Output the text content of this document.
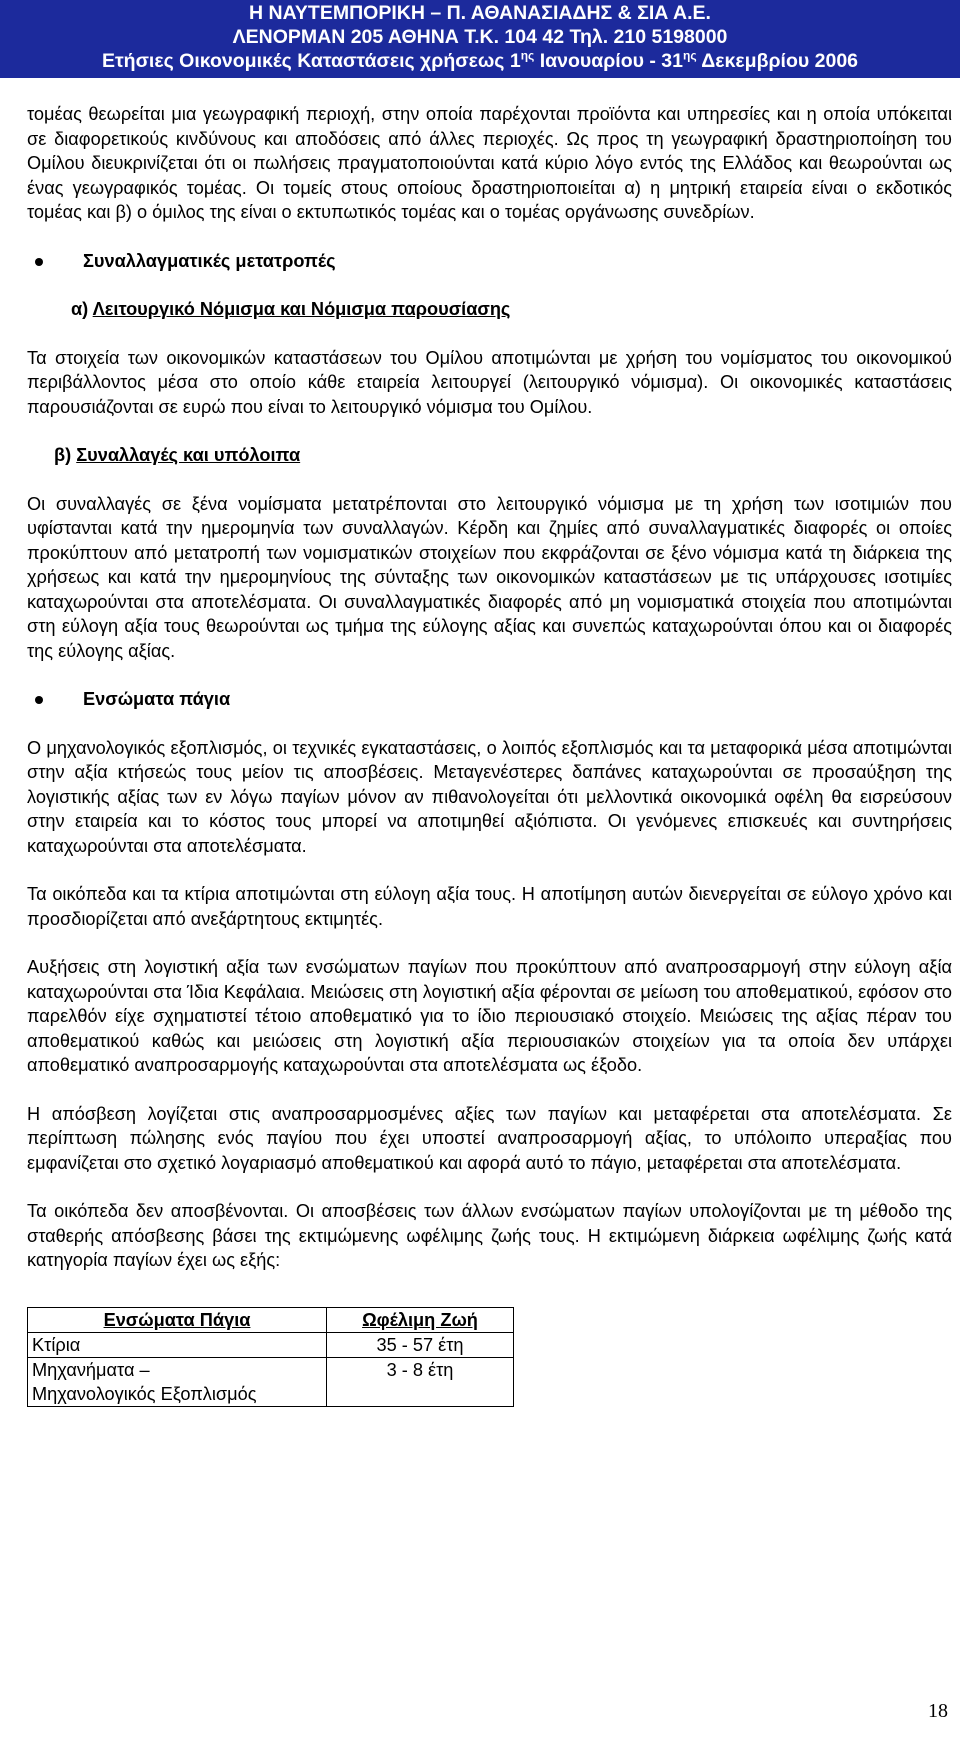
Η ΝΑΥΤΕΜΠΟΡΙΚΗ – Π. ΑΘΑΝΑΣΙΑΔΗΣ & ΣΙΑ Α.Ε.
ΛΕΝΟΡΜΑΝ 205 ΑΘΗΝΑ Τ.Κ. 104 42 Τηλ. 210 5198000
Ετήσιες Οικονομικές Καταστάσεις χρήσεως $1^{\eta\varsigma}$ Ιανουαρίου - $31^{\eta\varsigma}$ Δεκεμβρίου 2006

τομέας θεωρείται μια γεωγραφική περιοχή, στην οποία παρέχονται προϊόντα και υπηρεσίες και η οποία υπόκειται σε διαφορετικούς κινδύνους και αποδόσεις από άλλες περιοχές. Ως προς τη γεωγραφική δραστηριοποίηση του Ομίλου διευκρινίζεται ότι οι πωλήσεις πραγματοποιούνται κατά κύριο λόγο εντός της Ελλάδος και θεωρούνται ως ένας γεωγραφικός τομέας. Οι τομείς στους οποίους δραστηριοποιείται α) η μητρική εταιρεία είναι ο εκδοτικός τομέας και β) ο όμιλος της είναι ο εκτυπωτικός τομέας και ο τομέας οργάνωσης συνεδρίων.

Συναλλαγματικές μετατροπές
α) Λειτουργικό Νόμισμα και Νόμισμα παρουσίασης

Τα στοιχεία των οικονομικών καταστάσεων του Ομίλου αποτιμώνται με χρήση του νομίσματος του οικονομικού περιβάλλοντος μέσα στο οποίο κάθε εταιρεία λειτουργεί (λειτουργικό νόμισμα). Οι οικονομικές καταστάσεις παρουσιάζονται σε ευρώ που είναι το λειτουργικό νόμισμα του Ομίλου.

β) Συναλλαγές και υπόλοιπα

Οι συναλλαγές σε ξένα νομίσματα μετατρέπονται στο λειτουργικό νόμισμα με τη χρήση των ισοτιμιών που υφίστανται κατά την ημερομηνία των συναλλαγών. Κέρδη και ζημίες από συναλλαγματικές διαφορές οι οποίες προκύπτουν από μετατροπή των νομισματικών στοιχείων που εκφράζονται σε ξένο νόμισμα κατά τη διάρκεια της χρήσεως και κατά την ημερομηνίους της σύνταξης των οικονομικών καταστάσεων με τις υπάρχουσες ισοτιμίες καταχωρούνται στα αποτελέσματα. Οι συναλλαγματικές διαφορές από μη νομισματικά στοιχεία που αποτιμώνται στη εύλογη αξία τους θεωρούνται ως τμήμα της εύλογης αξίας και συνεπώς καταχωρούνται όπου και οι διαφορές της εύλογης αξίας.

Ενσώματα πάγια

Ο μηχανολογικός εξοπλισμός, οι τεχνικές εγκαταστάσεις, ο λοιπός εξοπλισμός και τα μεταφορικά μέσα αποτιμώνται στην αξία κτήσεώς τους μείον τις αποσβέσεις. Μεταγενέστερες δαπάνες καταχωρούνται σε προσαύξηση της λογιστικής αξίας των εν λόγω παγίων μόνον αν πιθανολογείται ότι μελλοντικά οικονομικά οφέλη θα εισρεύσουν στην εταιρεία και το κόστος τους μπορεί να αποτιμηθεί αξιόπιστα. Οι γενόμενες επισκευές και συντηρήσεις καταχωρούνται στα αποτελέσματα.

Τα οικόπεδα και τα κτίρια αποτιμώνται στη εύλογη αξία τους. Η αποτίμηση αυτών διενεργείται σε εύλογο χρόνο και προσδιορίζεται από ανεξάρτητους εκτιμητές.

Αυξήσεις στη λογιστική αξία των ενσώματων παγίων που προκύπτουν από αναπροσαρμογή στην εύλογη αξία καταχωρούνται στα Ίδια Κεφάλαια. Μειώσεις στη λογιστική αξία φέρονται σε μείωση του αποθεματικού, εφόσον στο παρελθόν είχε σχηματιστεί τέτοιο αποθεματικό για το ίδιο περιουσιακό στοιχείο. Μειώσεις της αξίας πέραν του αποθεματικού καθώς και μειώσεις στη λογιστική αξία περιουσιακών στοιχείων για τα οποία δεν υπάρχει αποθεματικό αναπροσαρμογής καταχωρούνται στα αποτελέσματα ως έξοδο.

Η απόσβεση λογίζεται στις αναπροσαρμοσμένες αξίες των παγίων και μεταφέρεται στα αποτελέσματα. Σε περίπτωση πώλησης ενός παγίου που έχει υποστεί αναπροσαρμογή αξίας, το υπόλοιπο υπεραξίας που εμφανίζεται στο σχετικό λογαριασμό αποθεματικού και αφορά αυτό το πάγιο, μεταφέρεται στα αποτελέσματα.

Τα οικόπεδα δεν αποσβένονται. Οι αποσβέσεις των άλλων ενσώματων παγίων υπολογίζονται με τη μέθοδο της σταθερής απόσβεσης βάσει της εκτιμώμενης ωφέλιμης ζωής τους. Η εκτιμώμενη διάρκεια ωφέλιμης ζωής κατά κατηγορία παγίων έχει ως εξής:

Ενσώματα Πάγια	Ωφέλιμη Ζωή
Κτίρια	35 - 57 έτη

Μηχανήματα –
Μηχανολογικός Εξοπλισμός	3 - 8 έτη
18
